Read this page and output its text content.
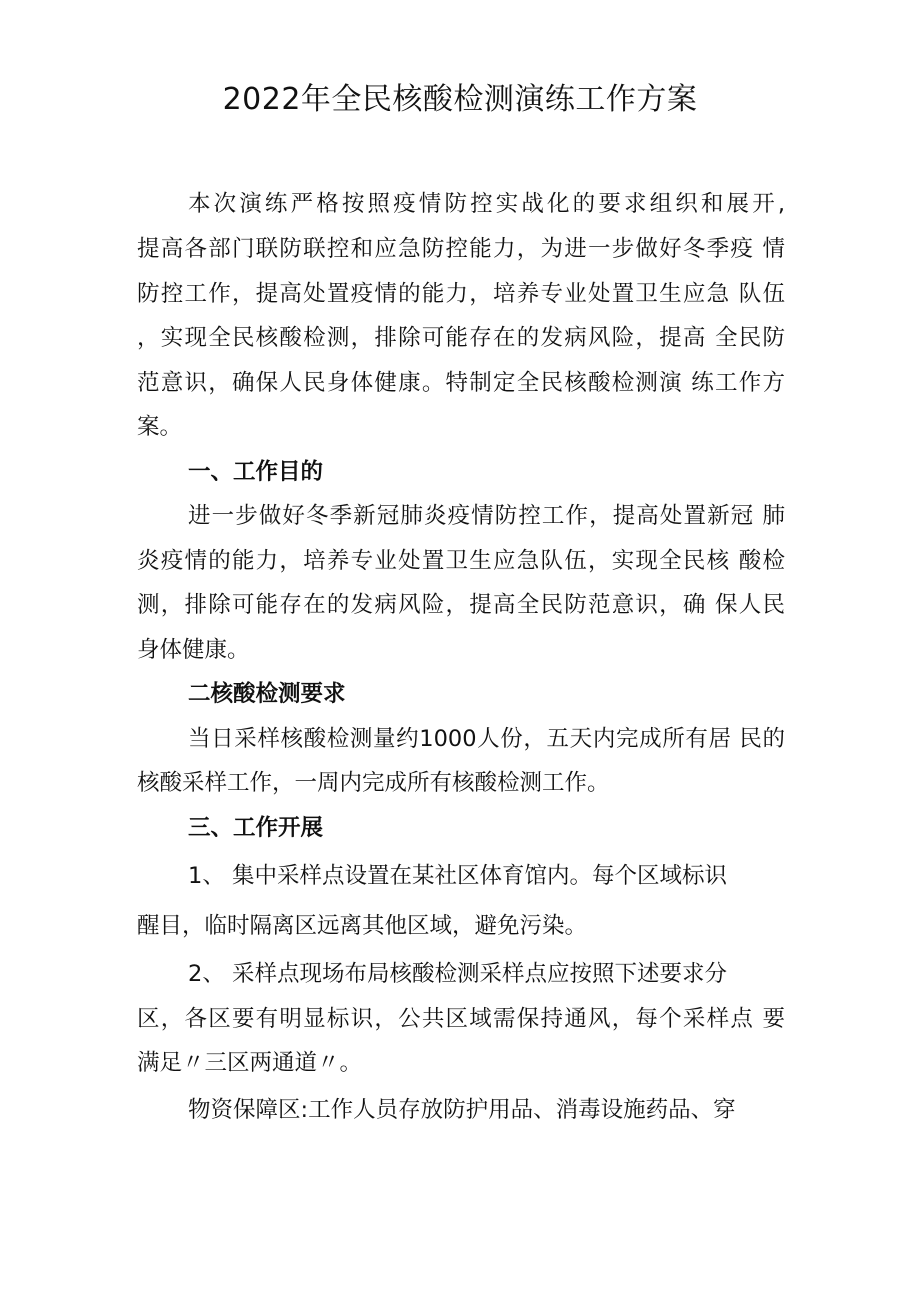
2022年全民核酸检测演练工作方案

本次演练严格按照疫情防控实战化的要求组织和展开,

提高各部门联防联控和应急防控能力，为进一步做好冬季疫 情

防控工作，提高处置疫情的能力，培养专业处置卫生应急 队伍

，实现全民核酸检测，排除可能存在的发病风险，提高 全民防

范意识，确保人民身体健康。特制定全民核酸检测演 练工作方

案。

一、工作目的

进一步做好冬季新冠肺炎疫情防控工作，提高处置新冠 肺

炎疫情的能力，培养专业处置卫生应急队伍，实现全民核 酸检

测，排除可能存在的发病风险，提高全民防范意识，确 保人民

身体健康。

二核酸检测要求

当日采样核酸检测量约1000人份，五天内完成所有居 民的

核酸采样工作，一周内完成所有核酸检测工作。

三、工作开展

1、 集中采样点设置在某社区体育馆内。每个区域标识

醒目，临时隔离区远离其他区域，避免污染。

2、 采样点现场布局核酸检测采样点应按照下述要求分

区，各区要有明显标识，公共区域需保持通风，每个采样点 要

满足〃三区两通道〃。

物资保障区:工作人员存放防护用品、消毒设施药品、穿
